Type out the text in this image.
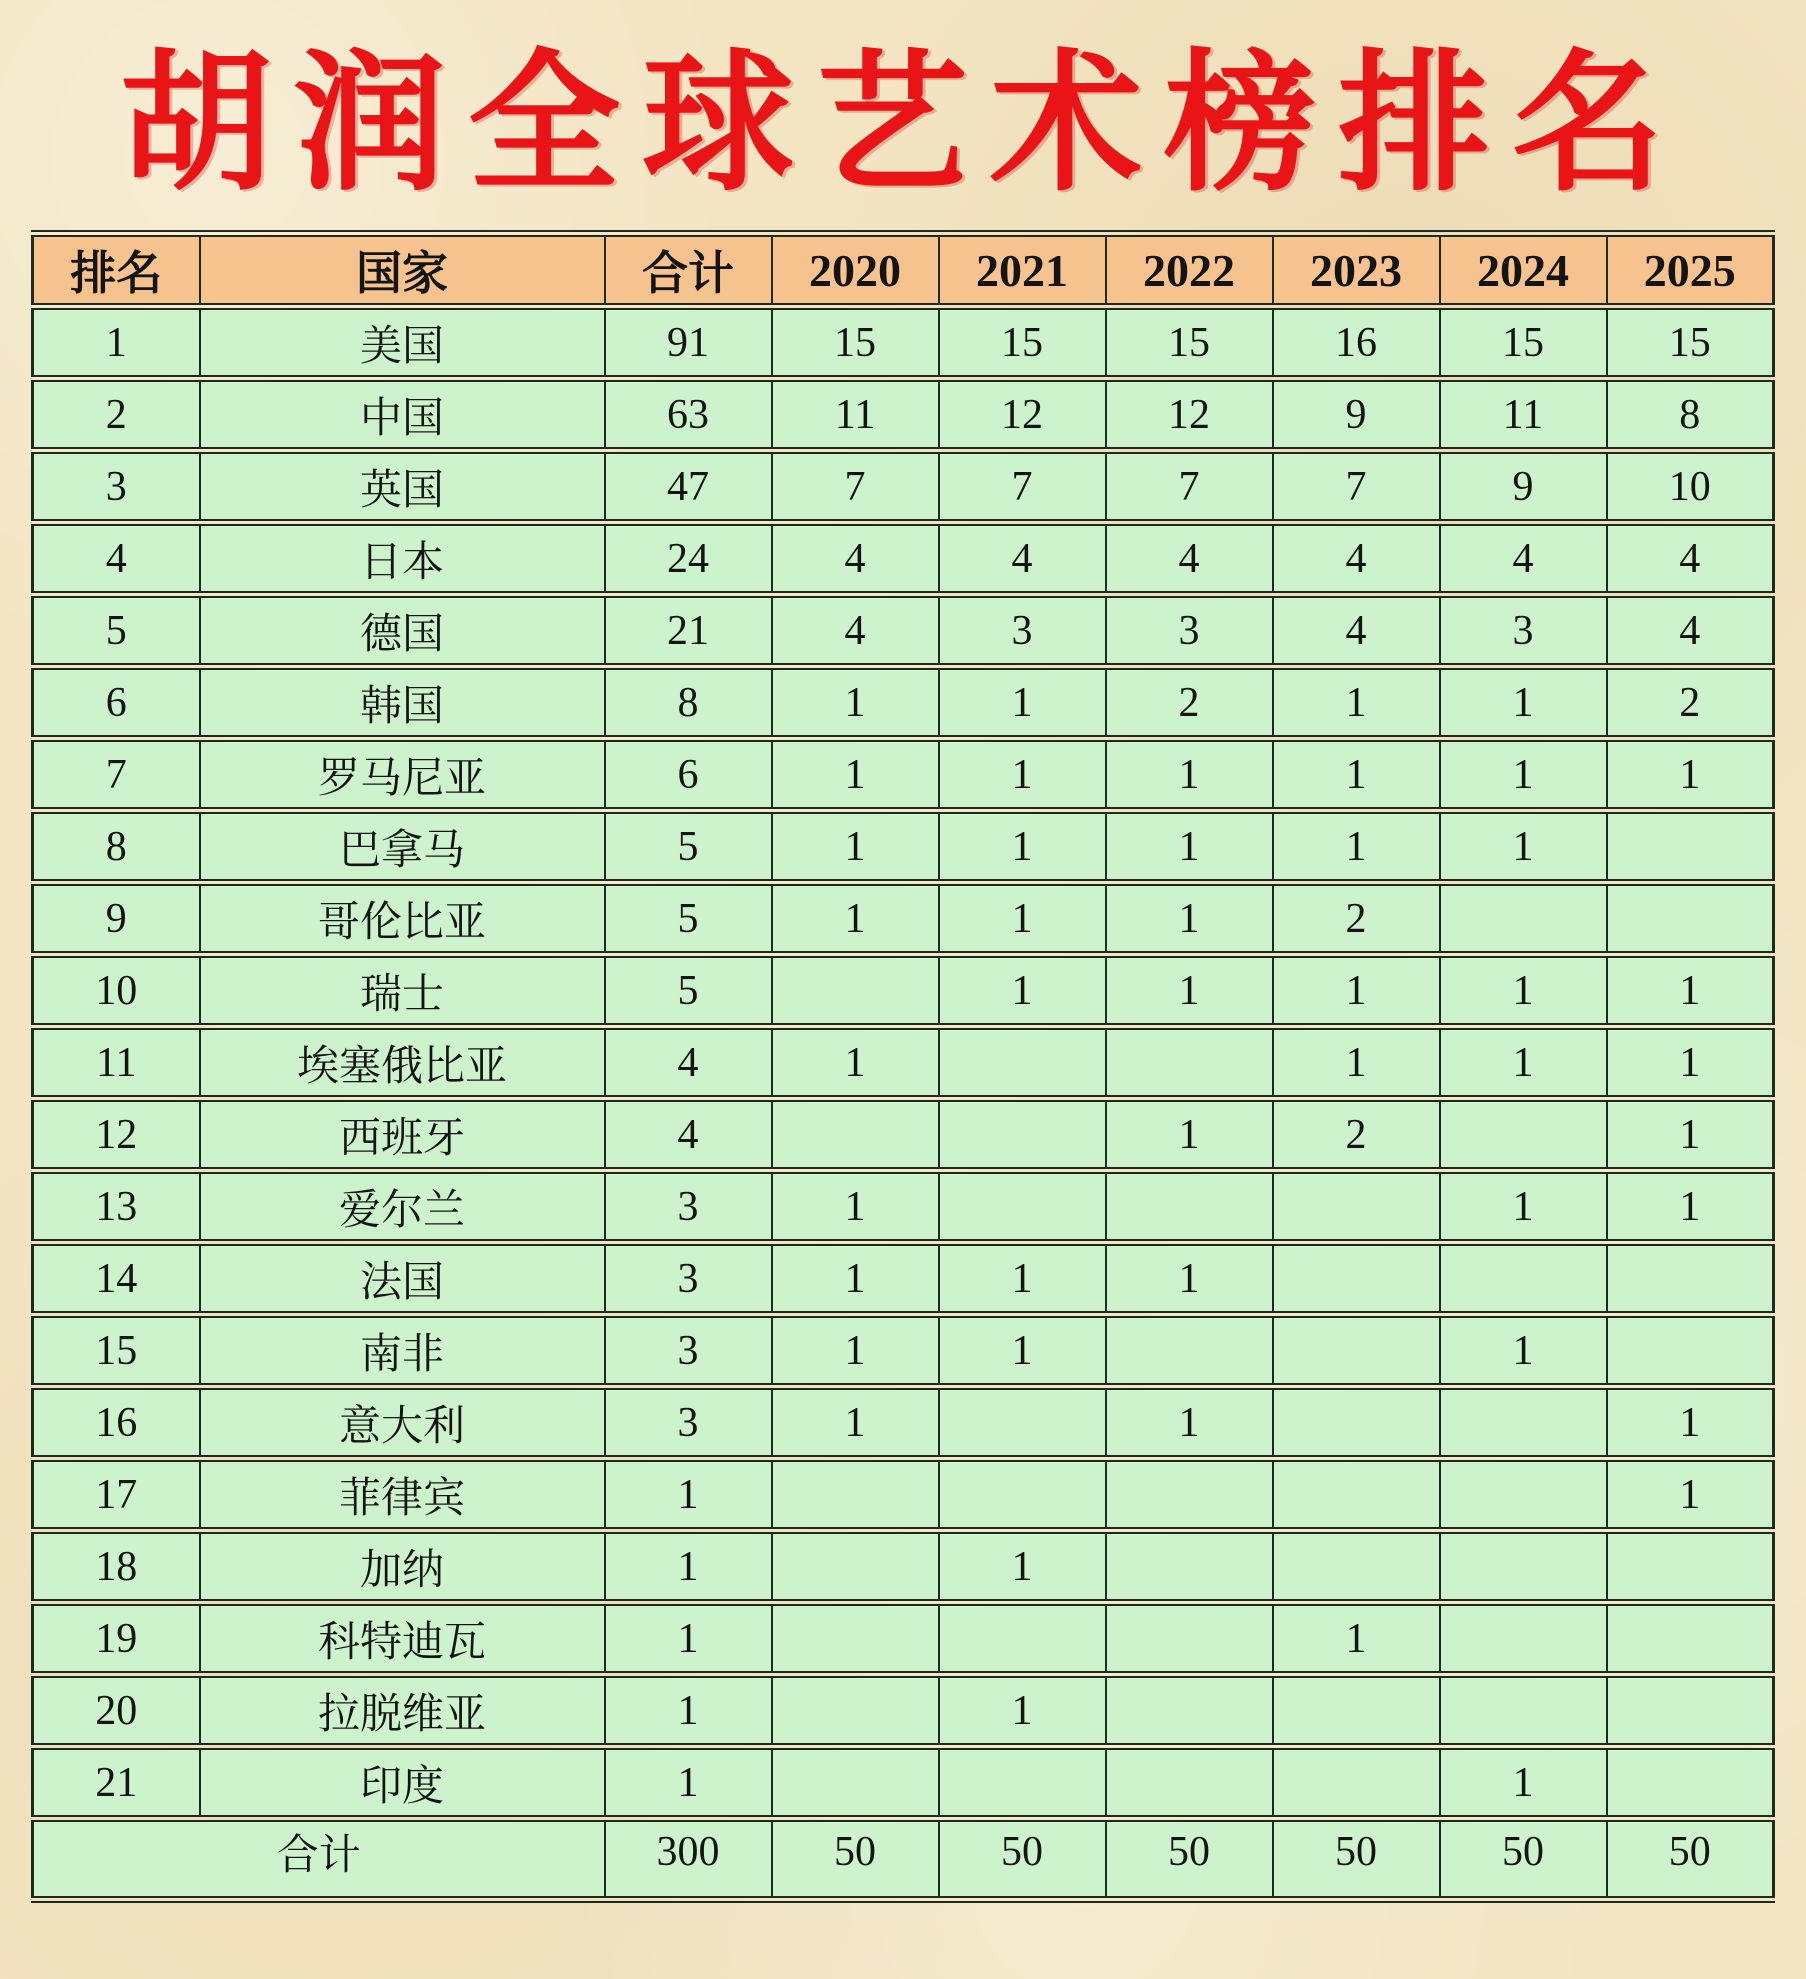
胡润全球艺术榜排名
排名	国家	合计	2020	2021	2022	2023	2024	2025
1	美国	91	15	15	15	16	15	15
2	中国	63	11	12	12	9	11	8
3	英国	47	7	7	7	7	9	10
4	日本	24	4	4	4	4	4	4
5	德国	21	4	3	3	4	3	4
6	韩国	8	1	1	2	1	1	2
7	罗马尼亚	6	1	1	1	1	1	1
8	巴拿马	5	1	1	1	1	1	
9	哥伦比亚	5	1	1	1	2		
10	瑞士	5		1	1	1	1	1
11	埃塞俄比亚	4	1			1	1	1
12	西班牙	4			1	2		1
13	爱尔兰	3	1				1	1
14	法国	3	1	1	1			
15	南非	3	1	1			1	
16	意大利	3	1		1			1
17	菲律宾	1						1
18	加纳	1		1				
19	科特迪瓦	1				1		
20	拉脱维亚	1		1				
21	印度	1					1	
合计		300	50	50	50	50	50	50
